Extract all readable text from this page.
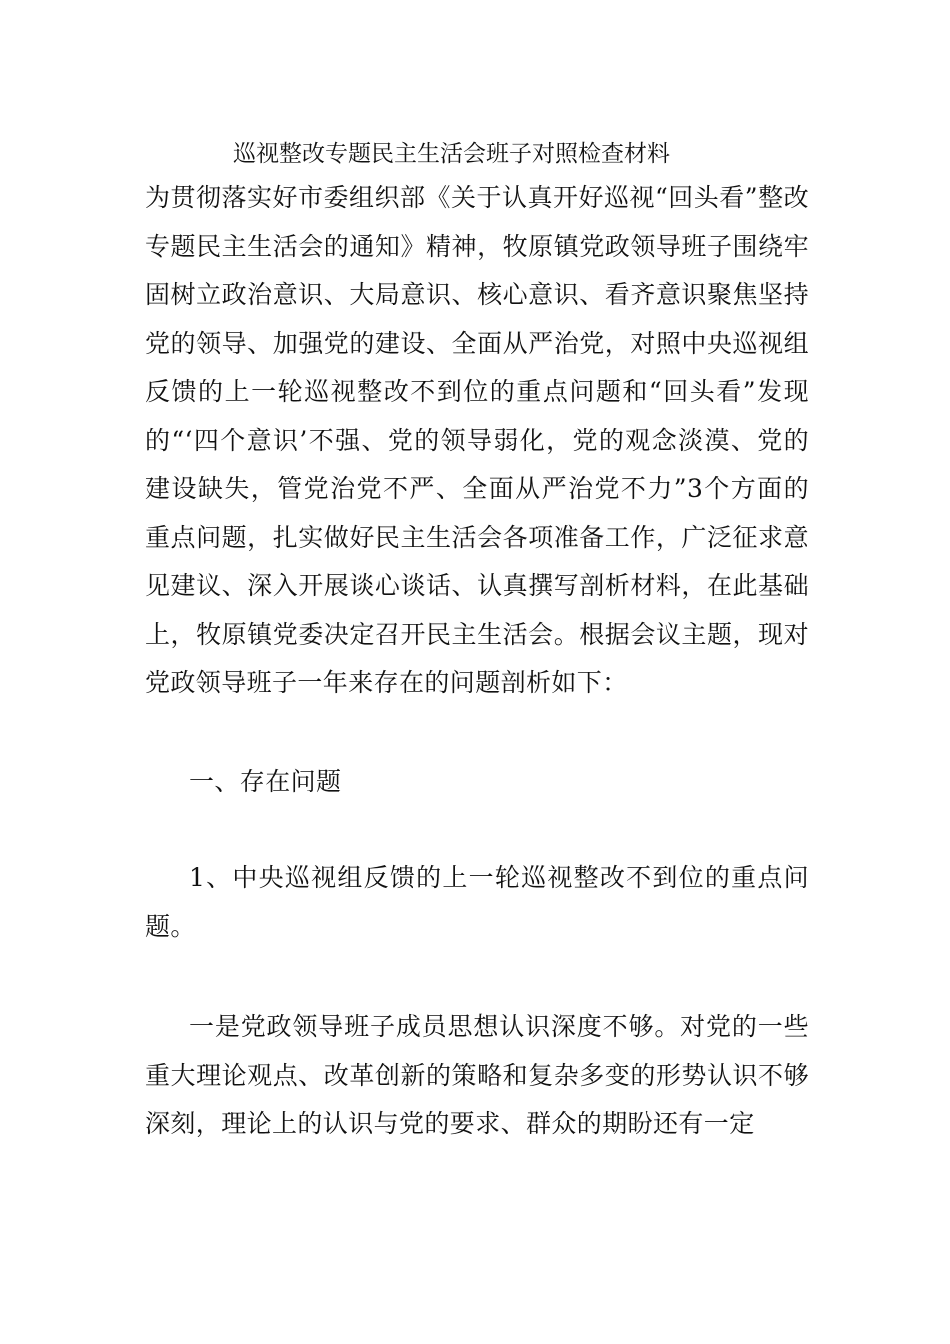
巡视整改专题民主生活会班子对照检查材料

为贯彻落实好市委组织部《关于认真开好巡视“回头看”整改专题民主生活会的通知》精神，牧原镇党政领导班子围绕牢固树立政治意识、大局意识、核心意识、看齐意识聚焦坚持党的领导、加强党的建设、全面从严治党，对照中央巡视组反馈的上一轮巡视整改不到位的重点问题和“回头看”发现的“‘四个意识’不强、党的领导弱化，党的观念淡漠、党的建设缺失，管党治党不严、全面从严治党不力”3个方面的重点问题，扎实做好民主生活会各项准备工作，广泛征求意见建议、深入开展谈心谈话、认真撰写剖析材料，在此基础上，牧原镇党委决定召开民主生活会。根据会议主题，现对党政领导班子一年来存在的问题剖析如下：

一、存在问题

1、中央巡视组反馈的上一轮巡视整改不到位的重点问题。

一是党政领导班子成员思想认识深度不够。对党的一些重大理论观点、改革创新的策略和复杂多变的形势认识不够深刻，理论上的认识与党的要求、群众的期盼还有一定
